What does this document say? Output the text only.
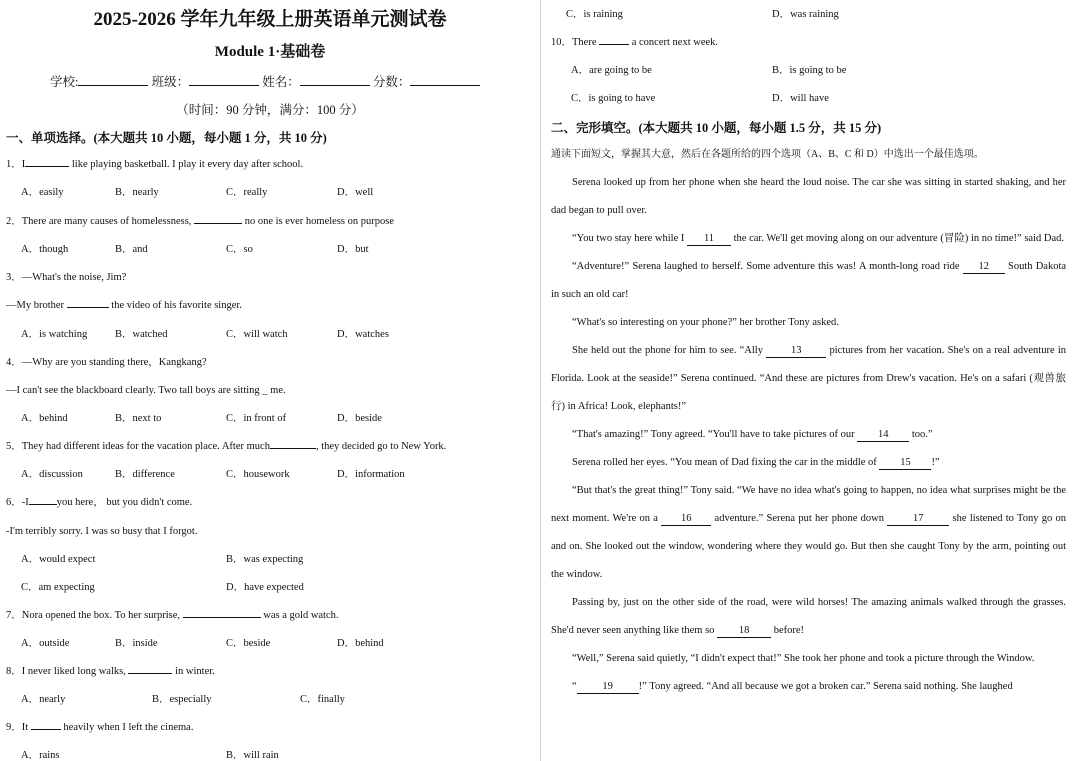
2025-2026 学年九年级上册英语单元测试卷
Module 1·基础卷
学校:	班级：	姓名：	分数：
（时间：90 分钟，满分：100 分）
一、单项选择。(本大题共 10 小题，每小题 1 分，共 10 分)
1．I	like playing basketball. I play it every day after school.
A．easily	B．nearly	C．really	D．well
2．There are many causes of homelessness,	no one is ever homeless on purpose
A．though	B．and	C．so	D．but
3．—What's the noise, Jim?
—My brother	the video of his favorite singer.
A．is watching	B．watched	C．will watch	D．watches
4．—Why are you standing there，Kangkang?
—I can't see the blackboard clearly. Two tall boys are sitting _ me.
A．behind	B．next to	C．in front of	D．beside
5．They had different ideas for the vacation place. After much	, they decided go to New York.
A．discussion	B．difference	C．housework	D．information
6．-I	you here， but you didn't come.
-I'm terribly sorry. I was so busy that I forgot.
A．would expect	B．was expecting
C．am expecting	D．have expected
7．Nora opened the box. To her surprise,	was a gold watch.
A．outside	B．inside	C．beside	D．behind
8．I never liked long walks,	in winter.
A．nearly	B．especially	C．finally
9．It	heavily when I left the cinema.
A．rains	B．will rain
C．is raining	D．was raining
10．There	a concert next week.
A．are going to be	B．is going to be
C．is going to have	D．will have
二、完形填空。(本大题共 10 小题，每小题 1.5 分，共 15 分)
通读下面短文，掌握其大意，然后在各题所给的四个选项（A、B、C 和 D）中选出一个最佳选项。
Serena looked up from her phone when she heard the loud noise. The car she was sitting in started shaking, and her dad began to pull over.
“You two stay here while I 11 the car. We'll get moving along on our adventure (冒险) in no time!” said Dad.
“Adventure!” Serena laughed to herself. Some adventure this was! A month-long road ride 12 South Dakota in such an old car!
“What's so interesting on your phone?” her brother Tony asked.
She held out the phone for him to see. “Ally	13	pictures from her vacation. She's on a real adventure in Florida. Look at the seaside!” Serena continued. “And these are pictures from Drew's vacation. He's on a safari (观兽旅行) in Africa! Look, elephants!”
“That's amazing!” Tony agreed. “You'll have to take pictures of our 14 too.”
Serena rolled her eyes. “You mean of Dad fixing the car in the middle of 15 !”
“But that's the great thing!” Tony said. “We have no idea what's going to happen, no idea what surprises might be the next moment. We're on a 16 adventure.” Serena put her phone down	17	she listened to Tony go on and on. She looked out the window, wondering where they would go. But then she caught Tony by the arm, pointing out the window.
Passing by, just on the other side of the road, were wild horses! The amazing animals walked through the grasses. She'd never seen anything like them so 18 before!
“Well,” Serena said quietly, “I didn't expect that!” She took her phone and took a picture through the Window.
“ 19 !” Tony agreed. “And all because we got a broken car.” Serena said nothing. She laughed
